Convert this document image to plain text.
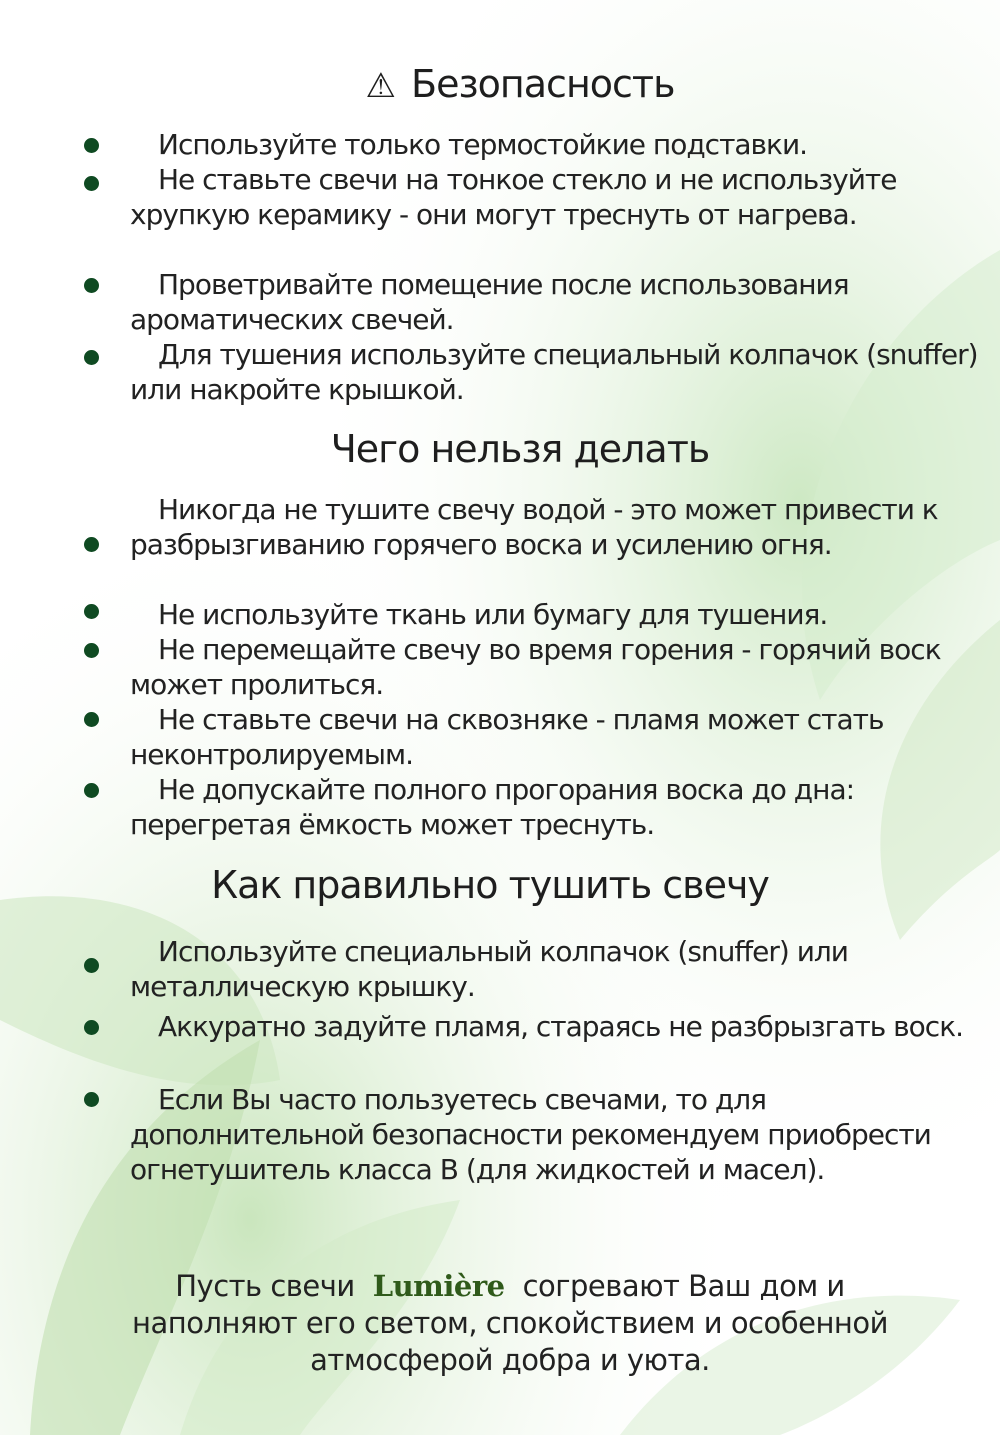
⚠ Безопасность
Используйте только термостойкие подставки.
Не ставьте свечи на тонкое стекло и не используйте хрупкую керамику - они могут треснуть от нагрева.
Проветривайте помещение после использования ароматических свечей.
Для тушения используйте специальный колпачок (snuffer) или накройте крышкой.
Чего нельзя делать
Никогда не тушите свечу водой - это может привести к разбрызгиванию горячего воска и усилению огня.
Не используйте ткань или бумагу для тушения.
Не перемещайте свечу во время горения - горячий воск может пролиться.
Не ставьте свечи на сквозняке - пламя может стать неконтролируемым.
Не допускайте полного прогорания воска до дна: перегретая ёмкость может треснуть.
Как правильно тушить свечу
Используйте специальный колпачок (snuffer) или металлическую крышку.
Аккуратно задуйте пламя, стараясь не разбрызгать воск.
Если Вы часто пользуетесь свечами, то для дополнительной безопасности рекомендуем приобрести огнетушитель класса В (для жидкостей и масел).
Пусть свечи Lumière согревают Ваш дом и наполняют его светом, спокойствием и особенной атмосферой добра и уюта.
